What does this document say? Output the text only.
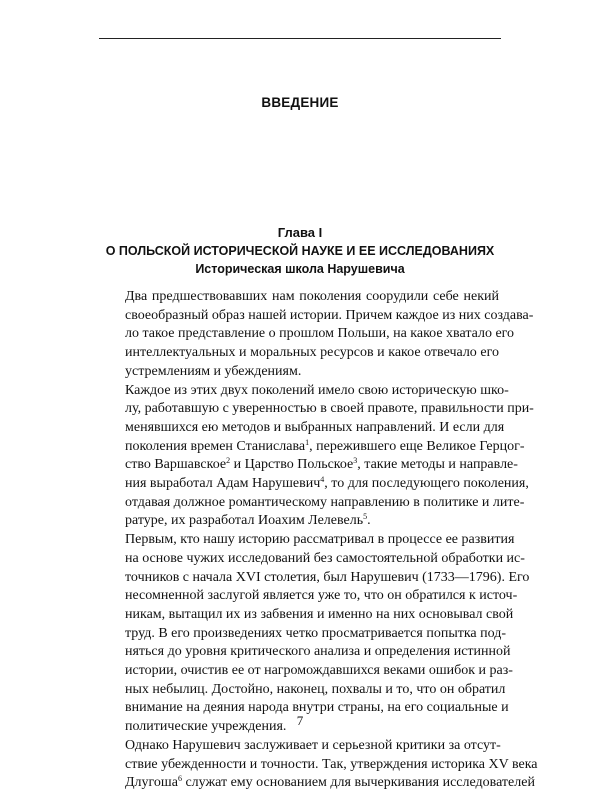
ВВЕДЕНИЕ
Глава I
О ПОЛЬСКОЙ ИСТОРИЧЕСКОЙ НАУКЕ И ЕЕ ИССЛЕДОВАНИЯХ
Историческая школа Нарушевича

Два предшествовавших нам поколения соорудили себе некий
своеобразный образ нашей истории. Причем каждое из них создава-
ло такое представление о прошлом Польши, на какое хватало его
интеллектуальных и моральных ресурсов и какое отвечало его
устремлениям и убеждениям.

Каждое из этих двух поколений имело свою историческую шко-
лу, работавшую с уверенностью в своей правоте, правильности при-
менявшихся ею методов и выбранных направлений. И если для
поколения времен Станислава$^1$, пережившего еще Великое Герцог-
ство Варшавское$^2$ и Царство Польское$^3$, такие методы и направле-
ния выработал Адам Нарушевич$^4$, то для последующего поколения,
отдавая должное романтическому направлению в политике и лите-
ратуре, их разработал Иоахим Лелевель$^5$.

Первым, кто нашу историю рассматривал в процессе ее развития
на основе чужих исследований без самостоятельной обработки ис-
точников с начала XVI столетия, был Нарушевич (1733—1796). Его
несомненной заслугой является уже то, что он обратился к источ-
никам, вытащил их из забвения и именно на них основывал свой
труд. В его произведениях четко просматривается попытка под-
няться до уровня критического анализа и определения истинной
истории, очистив ее от нагромождавшихся веками ошибок и раз-
ных небылиц. Достойно, наконец, похвалы и то, что он обратил
внимание на деяния народа внутри страны, на его социальные и
политические учреждения.

Однако Нарушевич заслуживает и серьезной критики за отсут-
ствие убежденности и точности. Так, утверждения историка XV века
Длугоша$^6$ служат ему основанием для вычеркивания исследователей

7
